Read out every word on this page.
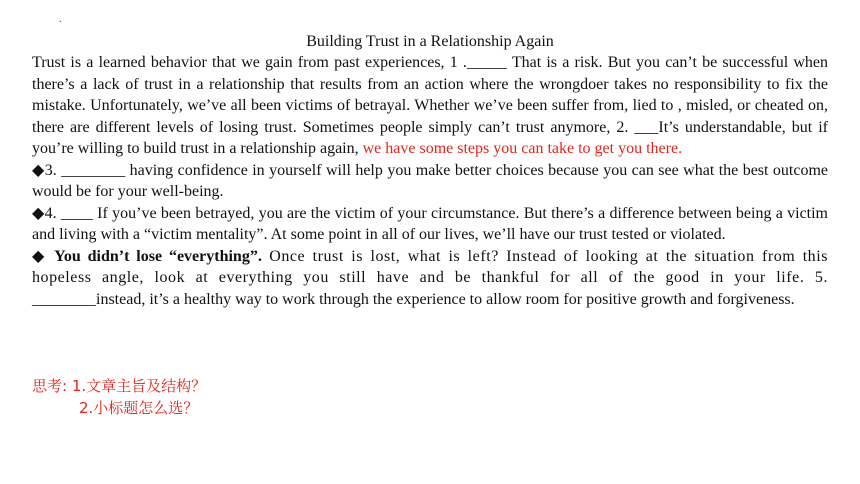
.
Building Trust in a Relationship Again

Trust is a learned behavior that we gain from past experiences, 1 ._____ That is a risk. But you can’t be successful when there’s a lack of trust in a relationship that results from an action where the wrongdoer takes no responsibility to fix the mistake. Unfortunately, we’ve all been victims of betrayal. Whether we’ve been suffer from, lied to , misled, or cheated on, there are different levels of losing trust. Sometimes people simply can’t trust anymore, 2. ___It’s understandable, but if you’re willing to build trust in a relationship again, we have some steps you can take to get you there.

◆3. ________ having confidence in yourself will help you make better choices because you can see what the best outcome would be for your well-being.

◆4. ____ If you’ve been betrayed, you are the victim of your circumstance. But there’s a difference between being a victim and living with a “victim mentality”. At some point in all of our lives, we’ll have our trust tested or violated.

◆ You didn’t lose “everything”. Once trust is lost, what is left? Instead of looking at the situation from this hopeless angle, look at everything you still have and be thankful for all of the good in your life. 5. ________instead, it’s a healthy way to work through the experience to allow room for positive growth and forgiveness.

思考: 1.文章主旨及结构？
2.小标题怎么选？
